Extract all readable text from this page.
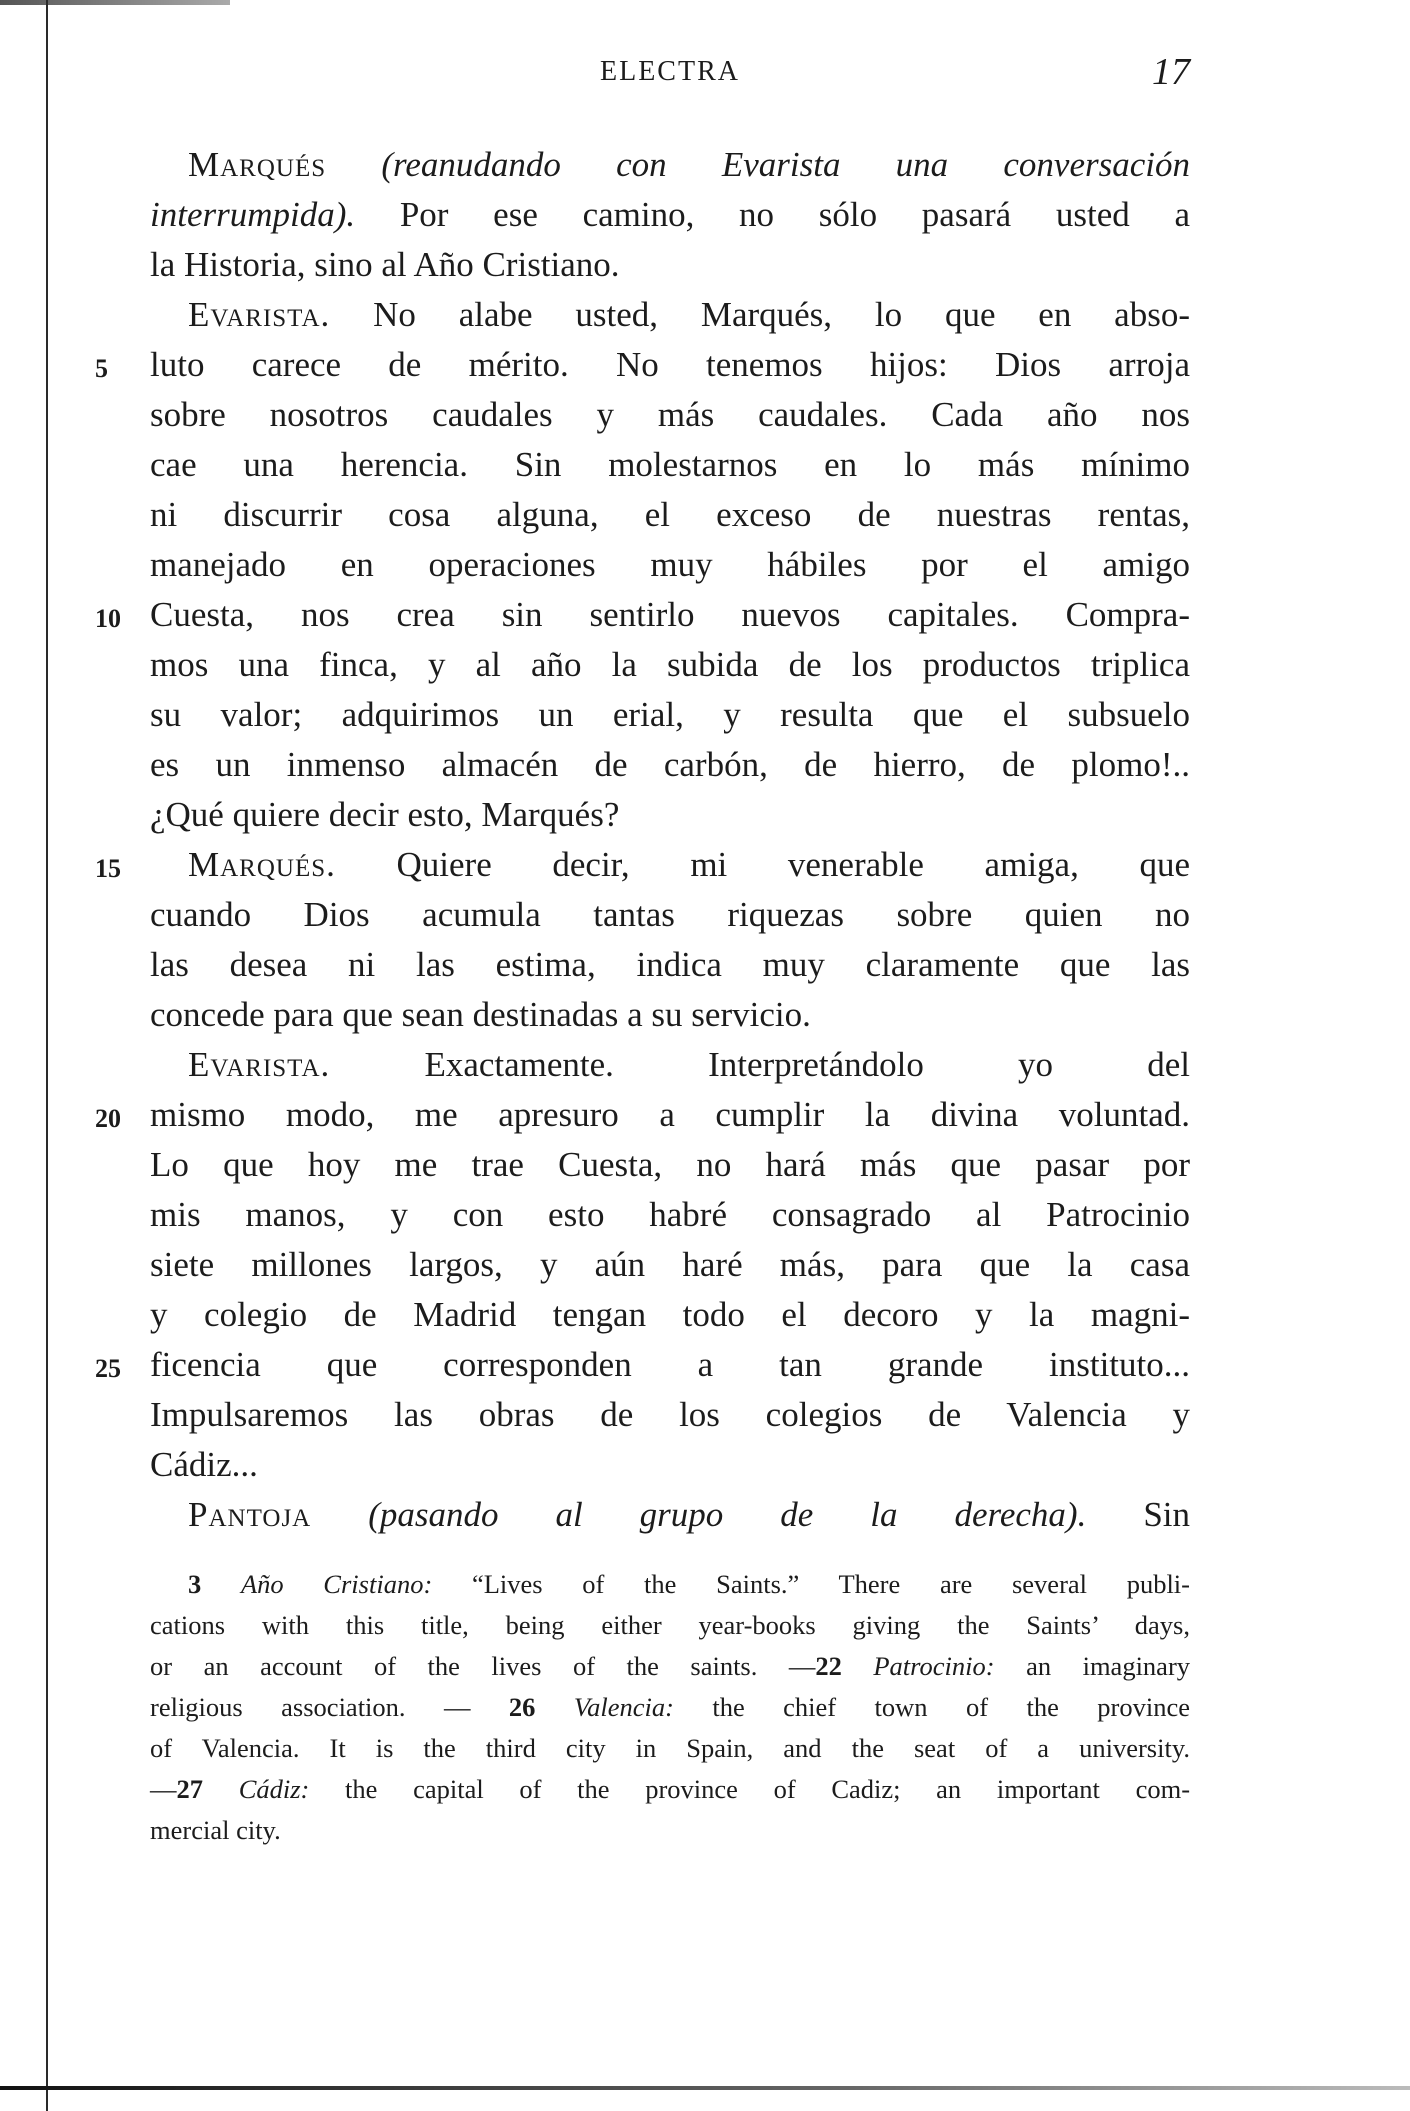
ELECTRA	17
Marqués (reanudando con Evarista una conversación
interrumpida). Por ese camino, no sólo pasará usted a
la Historia, sino al Año Cristiano.
Evarista. No alabe usted, Marqués, lo que en abso-
5	luto carece de mérito. No tenemos hijos: Dios arroja
sobre nosotros caudales y más caudales. Cada año nos
cae una herencia. Sin molestarnos en lo más mínimo
ni discurrir cosa alguna, el exceso de nuestras rentas,
manejado en operaciones muy hábiles por el amigo
10 Cuesta, nos crea sin sentirlo nuevos capitales. Compra-
mos una finca, y al año la subida de los productos triplica
su valor; adquirimos un erial, y resulta que el subsuelo
es un inmenso almacén de carbón, de hierro, de plomo!..
¿Qué quiere decir esto, Marqués?
15	Marqués. Quiere decir, mi venerable amiga, que
cuando Dios acumula tantas riquezas sobre quien no
las desea ni las estima, indica muy claramente que las
concede para que sean destinadas a su servicio.
Evarista. Exactamente. Interpretándolo yo del
20 mismo modo, me apresuro a cumplir la divina voluntad.
Lo que hoy me trae Cuesta, no hará más que pasar por
mis manos, y con esto habré consagrado al Patrocinio
siete millones largos, y aún haré más, para que la casa
y colegio de Madrid tengan todo el decoro y la magni-
25 ficencia que corresponden a tan grande instituto...
Impulsaremos las obras de los colegios de Valencia y
Cádiz...
Pantoja (pasando al grupo de la derecha). Sin
3 Año Cristiano: “Lives of the Saints.” There are several publi-
cations with this title, being either year-books giving the Saints’ days,
or an account of the lives of the saints. —22 Patrocinio: an imaginary
religious association. — 26 Valencia: the chief town of the province
of Valencia. It is the third city in Spain, and the seat of a university.
—27 Cádiz: the capital of the province of Cadiz; an important com-
mercial city.
